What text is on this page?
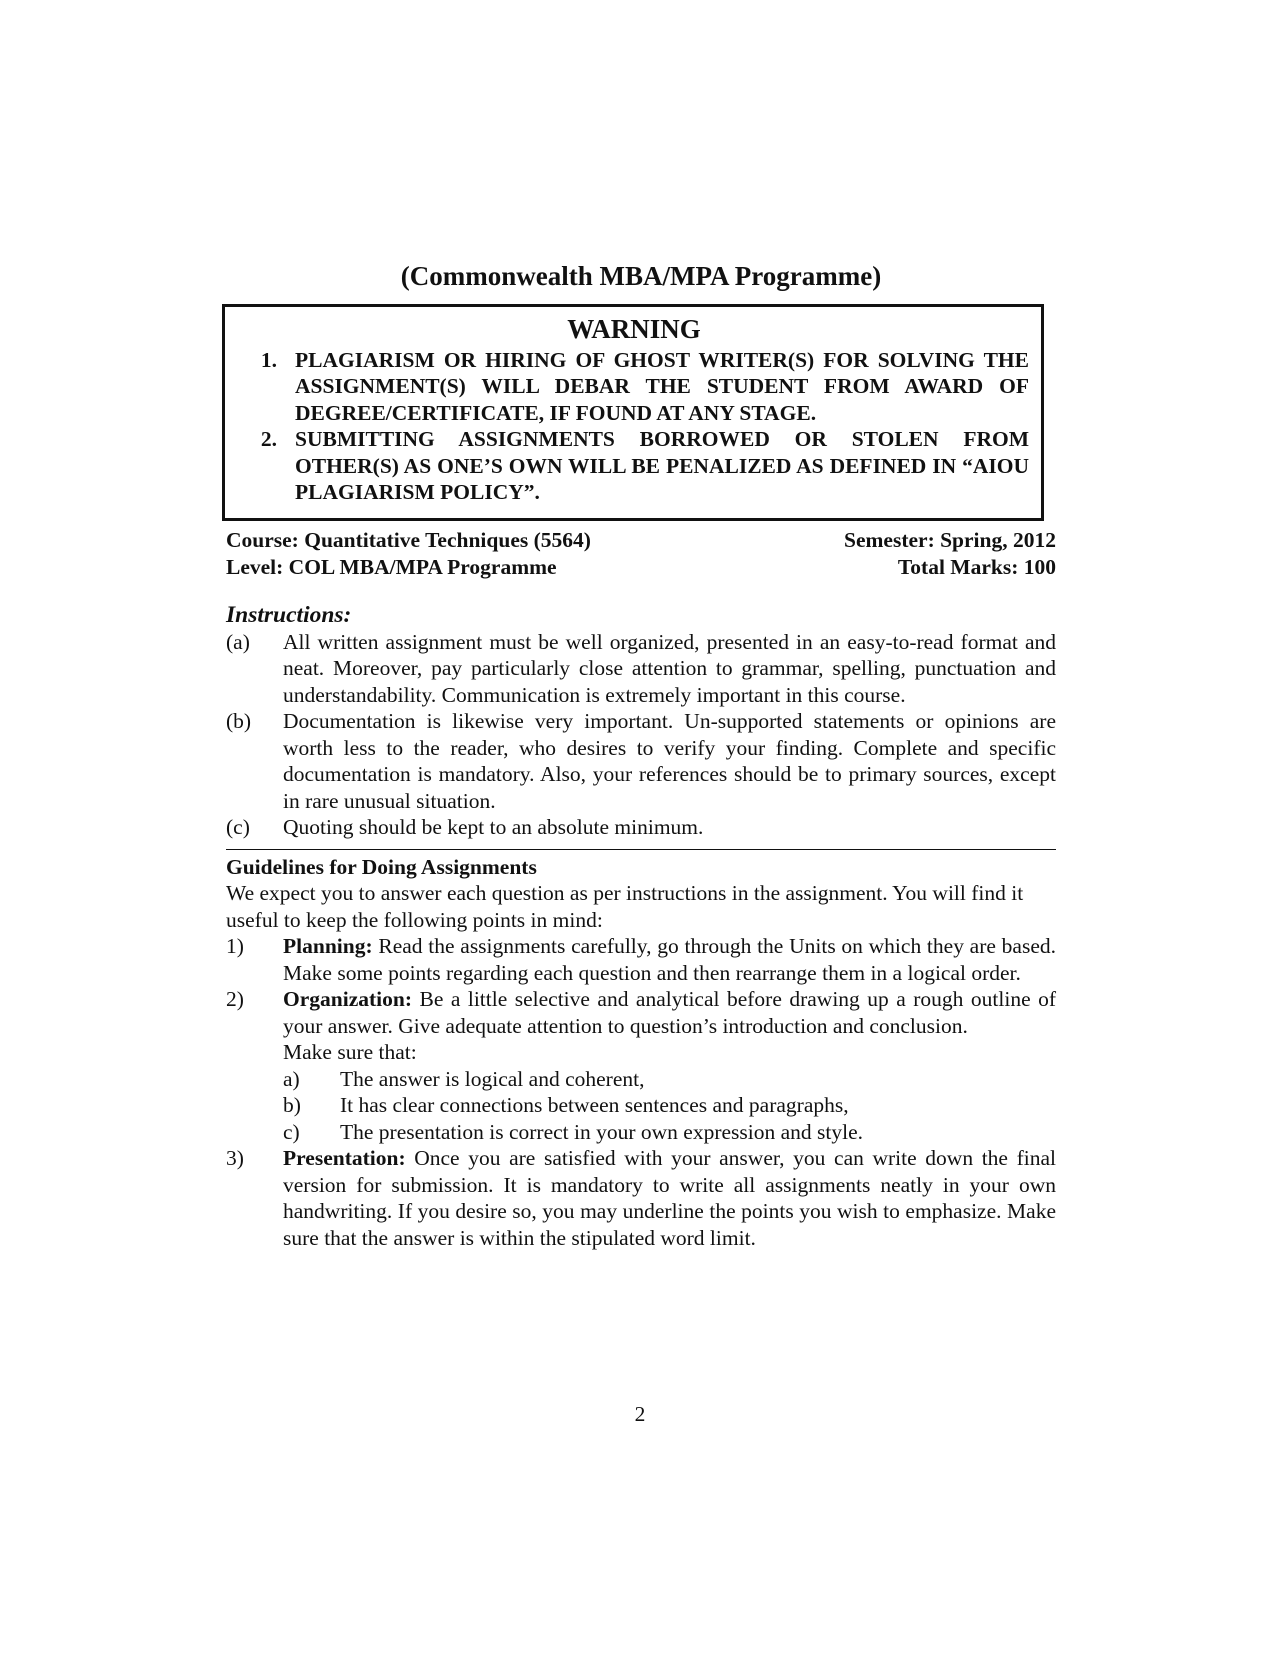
(Commonwealth MBA/MPA Programme)
WARNING
1. PLAGIARISM OR HIRING OF GHOST WRITER(S) FOR SOLVING THE ASSIGNMENT(S) WILL DEBAR THE STUDENT FROM AWARD OF DEGREE/CERTIFICATE, IF FOUND AT ANY STAGE.
2. SUBMITTING ASSIGNMENTS BORROWED OR STOLEN FROM OTHER(S) AS ONE’S OWN WILL BE PENALIZED AS DEFINED IN “AIOU PLAGIARISM POLICY”.
Course: Quantitative Techniques (5564)	Semester: Spring, 2012
Level: COL MBA/MPA Programme	Total Marks: 100
Instructions:
(a)	All written assignment must be well organized, presented in an easy-to-read format and neat. Moreover, pay particularly close attention to grammar, spelling, punctuation and understandability. Communication is extremely important in this course.
(b)	Documentation is likewise very important. Un-supported statements or opinions are worth less to the reader, who desires to verify your finding. Complete and specific documentation is mandatory. Also, your references should be to primary sources, except in rare unusual situation.
(c)	Quoting should be kept to an absolute minimum.
Guidelines for Doing Assignments
We expect you to answer each question as per instructions in the assignment. You will find it useful to keep the following points in mind:
1)	Planning: Read the assignments carefully, go through the Units on which they are based. Make some points regarding each question and then rearrange them in a logical order.
2)	Organization: Be a little selective and analytical before drawing up a rough outline of your answer. Give adequate attention to question’s introduction and conclusion.
Make sure that:
a)	The answer is logical and coherent,
b)	It has clear connections between sentences and paragraphs,
c)	The presentation is correct in your own expression and style.
3)	Presentation: Once you are satisfied with your answer, you can write down the final version for submission. It is mandatory to write all assignments neatly in your own handwriting. If you desire so, you may underline the points you wish to emphasize. Make sure that the answer is within the stipulated word limit.
2
